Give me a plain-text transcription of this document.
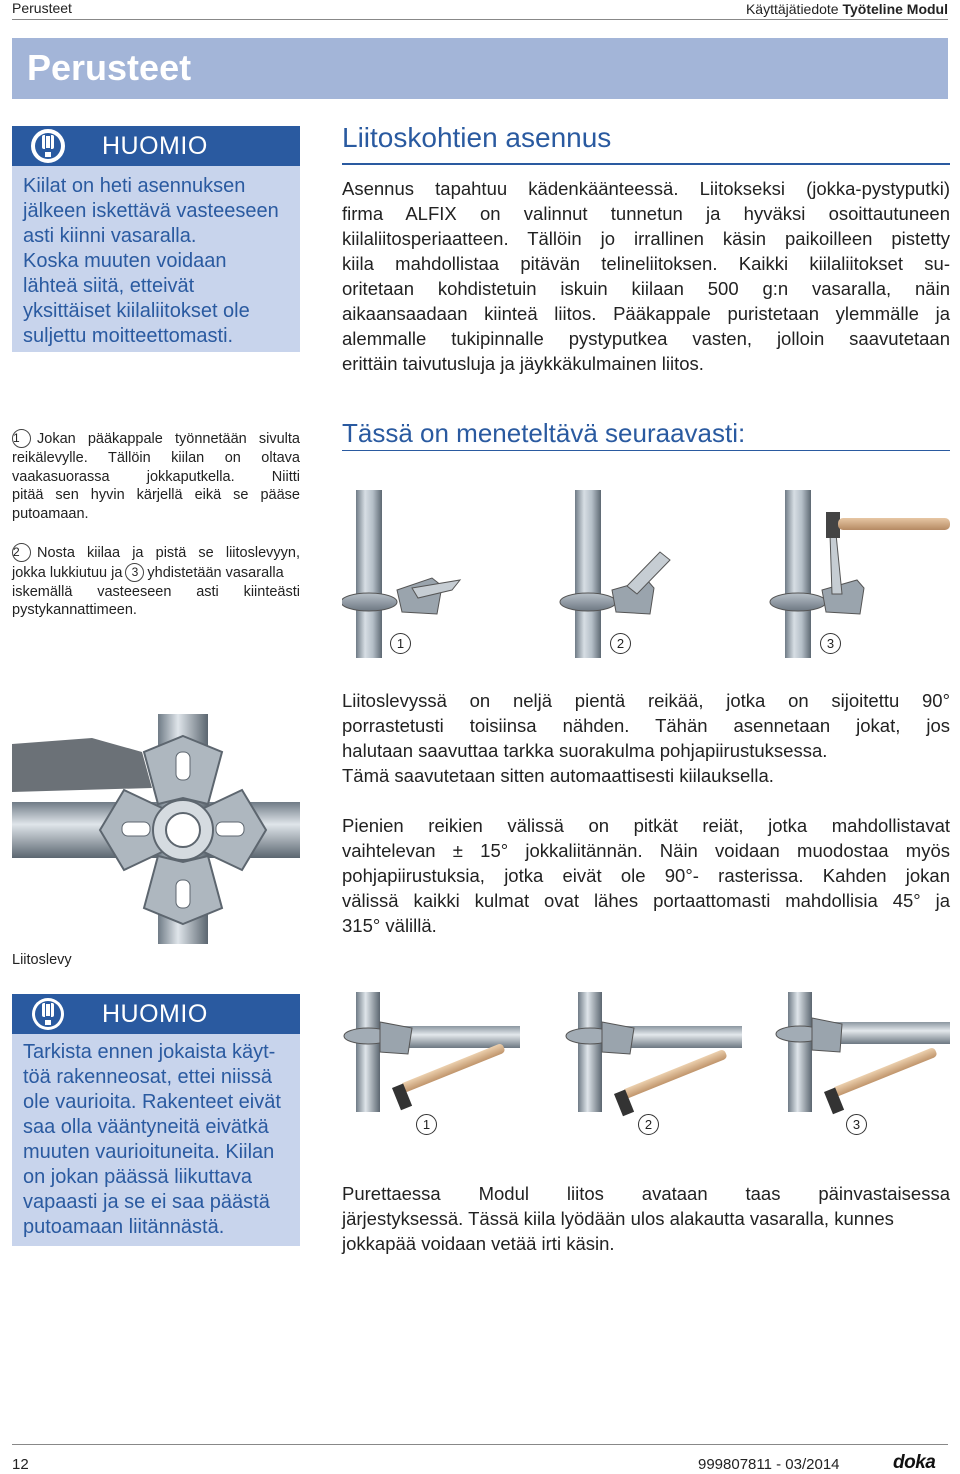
Perusteet	Käyttäjätiedote Työteline Modul
Perusteet
HUOMIO
Kiilat on heti asennuksen
jälkeen iskettävä vasteeseen
asti kiinni vasaralla.
Koska muuten voidaan
lähteä siitä, etteivät
yksittäiset kiilaliitokset ole
suljettu moitteettomasti.
Liitoskohtien asennus
Asennus tapahtuu kädenkäänteessä. Liitokseksi (jokka-pystyputki)
firma ALFIX on valinnut tunnetun ja hyväksi osoittautuneen
kiilaliitosperiaatteen. Tällöin jo irrallinen käsin paikoilleen pistetty
kiila mahdollistaa pitävän telineliitoksen. Kaikki kiilaliitokset su-
oritetaan kohdistetuin iskuin kiilaan 500 g:n vasaralla, näin
aikaansaadaan kiinteä liitos. Pääkappale puristetaan ylemmälle ja
alemmalle tukipinnalle pystyputkea vasten, jolloin saavutetaan
erittäin taivutusluja ja jäykkäkulmainen liitos.
1 Jokan pääkappale työnnetään sivulta
reikälevylle. Tällöin kiilan on oltava
vaakasuorassa jokkaputkella. Niitti
pitää sen hyvin kärjellä eikä se pääse
putoamaan.
2 Nosta kiilaa ja pistä se liitoslevyyn,
jokka lukkiutuu ja 3 yhdistetään vasaralla
iskemällä vasteeseen asti kiinteästi
pystykannattimeen.
Tässä on meneteltävä seuraavasti:
1	2	3
Liitoslevy
Liitoslevyssä on neljä pientä reikää, jotka on sijoitettu 90°
porrastetusti toisiinsa nähden. Tähän asennetaan jokat, jos
halutaan saavuttaa tarkka suorakulma pohjapiirustuksessa.
Tämä saavutetaan sitten automaattisesti kiilauksella.
Pienien reikien välissä on pitkät reiät, jotka mahdollistavat
vaihtelevan ± 15° jokkaliitännän. Näin voidaan muodostaa myös
pohjapiirustuksia, jotka eivät ole 90°- rasterissa. Kahden jokan
välissä kaikki kulmat ovat lähes portaattomasti mahdollisia 45° ja
315° välillä.
HUOMIO
Tarkista ennen jokaista käyt-
töä rakenneosat, ettei niissä
ole vaurioita. Rakenteet eivät
saa olla vääntyneitä eivätkä
muuten vaurioituneita. Kiilan
on jokan päässä liikuttava
vapaasti ja se ei saa päästä
putoamaan liitännästä.
1	2	3
Purettaessa Modul liitos avataan taas päinvastaisessa
järjestyksessä. Tässä kiila lyödään ulos alakautta vasaralla, kunnes
jokkapää voidaan vetää irti käsin.
12	999807811 - 03/2014	doka
